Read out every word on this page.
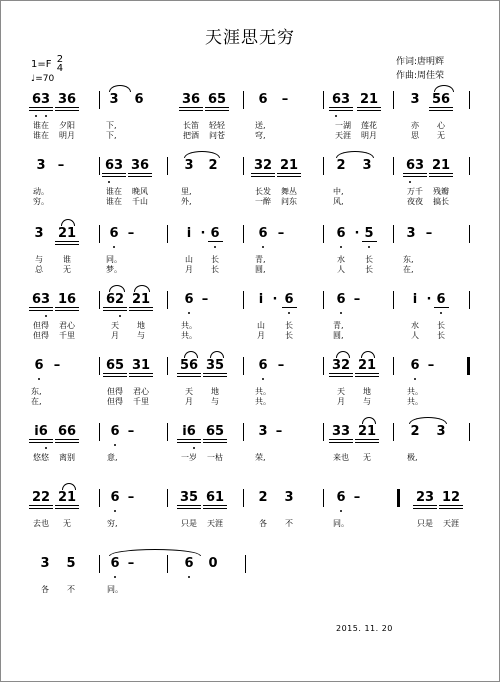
天涯思无穷
1=F 2
4
♩=70
作词:唐明辉
作曲:周佳荣
63 36	3 6	36 65 6 –	63 21 3 56
谁在 夕阳	下,	长笛 轻轻	送,	一湖 莲花	亦 心
谁在 明月	下,	把酒 问苍	穹,	天涯 明月	思 无
3 –	63 36	3 2	32 21	2 3	63 21
动。	谁在 晚风	里,	长发 舞丛	中,	万千 残瓣
穷。	谁在 千山	外,	一醉 问东	风,	夜夜 搞长
3 21	6 –	i · 6	6 –	6 · 5	3 –
与	谁	同。	山 长	青,	水	长	东,
总	无	梦。	月 长	圆,	人	长	在,
63 16 62 21	6 –	i · 6	6 –	i · 6
但得 君心	天 地	共。	山	长	青,	水 长
但得 千里	月 与	共。	月	长	圆,	人 长
6 –	65 31 56 35	6 –	32 21	6 –
东,	但得 君心	天 地	共。	天 地	共。
在,	但得 千里	月 与	共。	月 与	共。
i6 66	6 –	i6 65	3 –	33 21	2 3
悠悠 离别	意,	一岁 一枯	荣,	来也 无	极,
22 21	6 –	35 61	2 3	6 –	23 12
去也 无	穷,	只是 天涯	各 不	同。	只是 天涯
3 5	6 –	6 0
各 不	同。
2015. 11. 20
